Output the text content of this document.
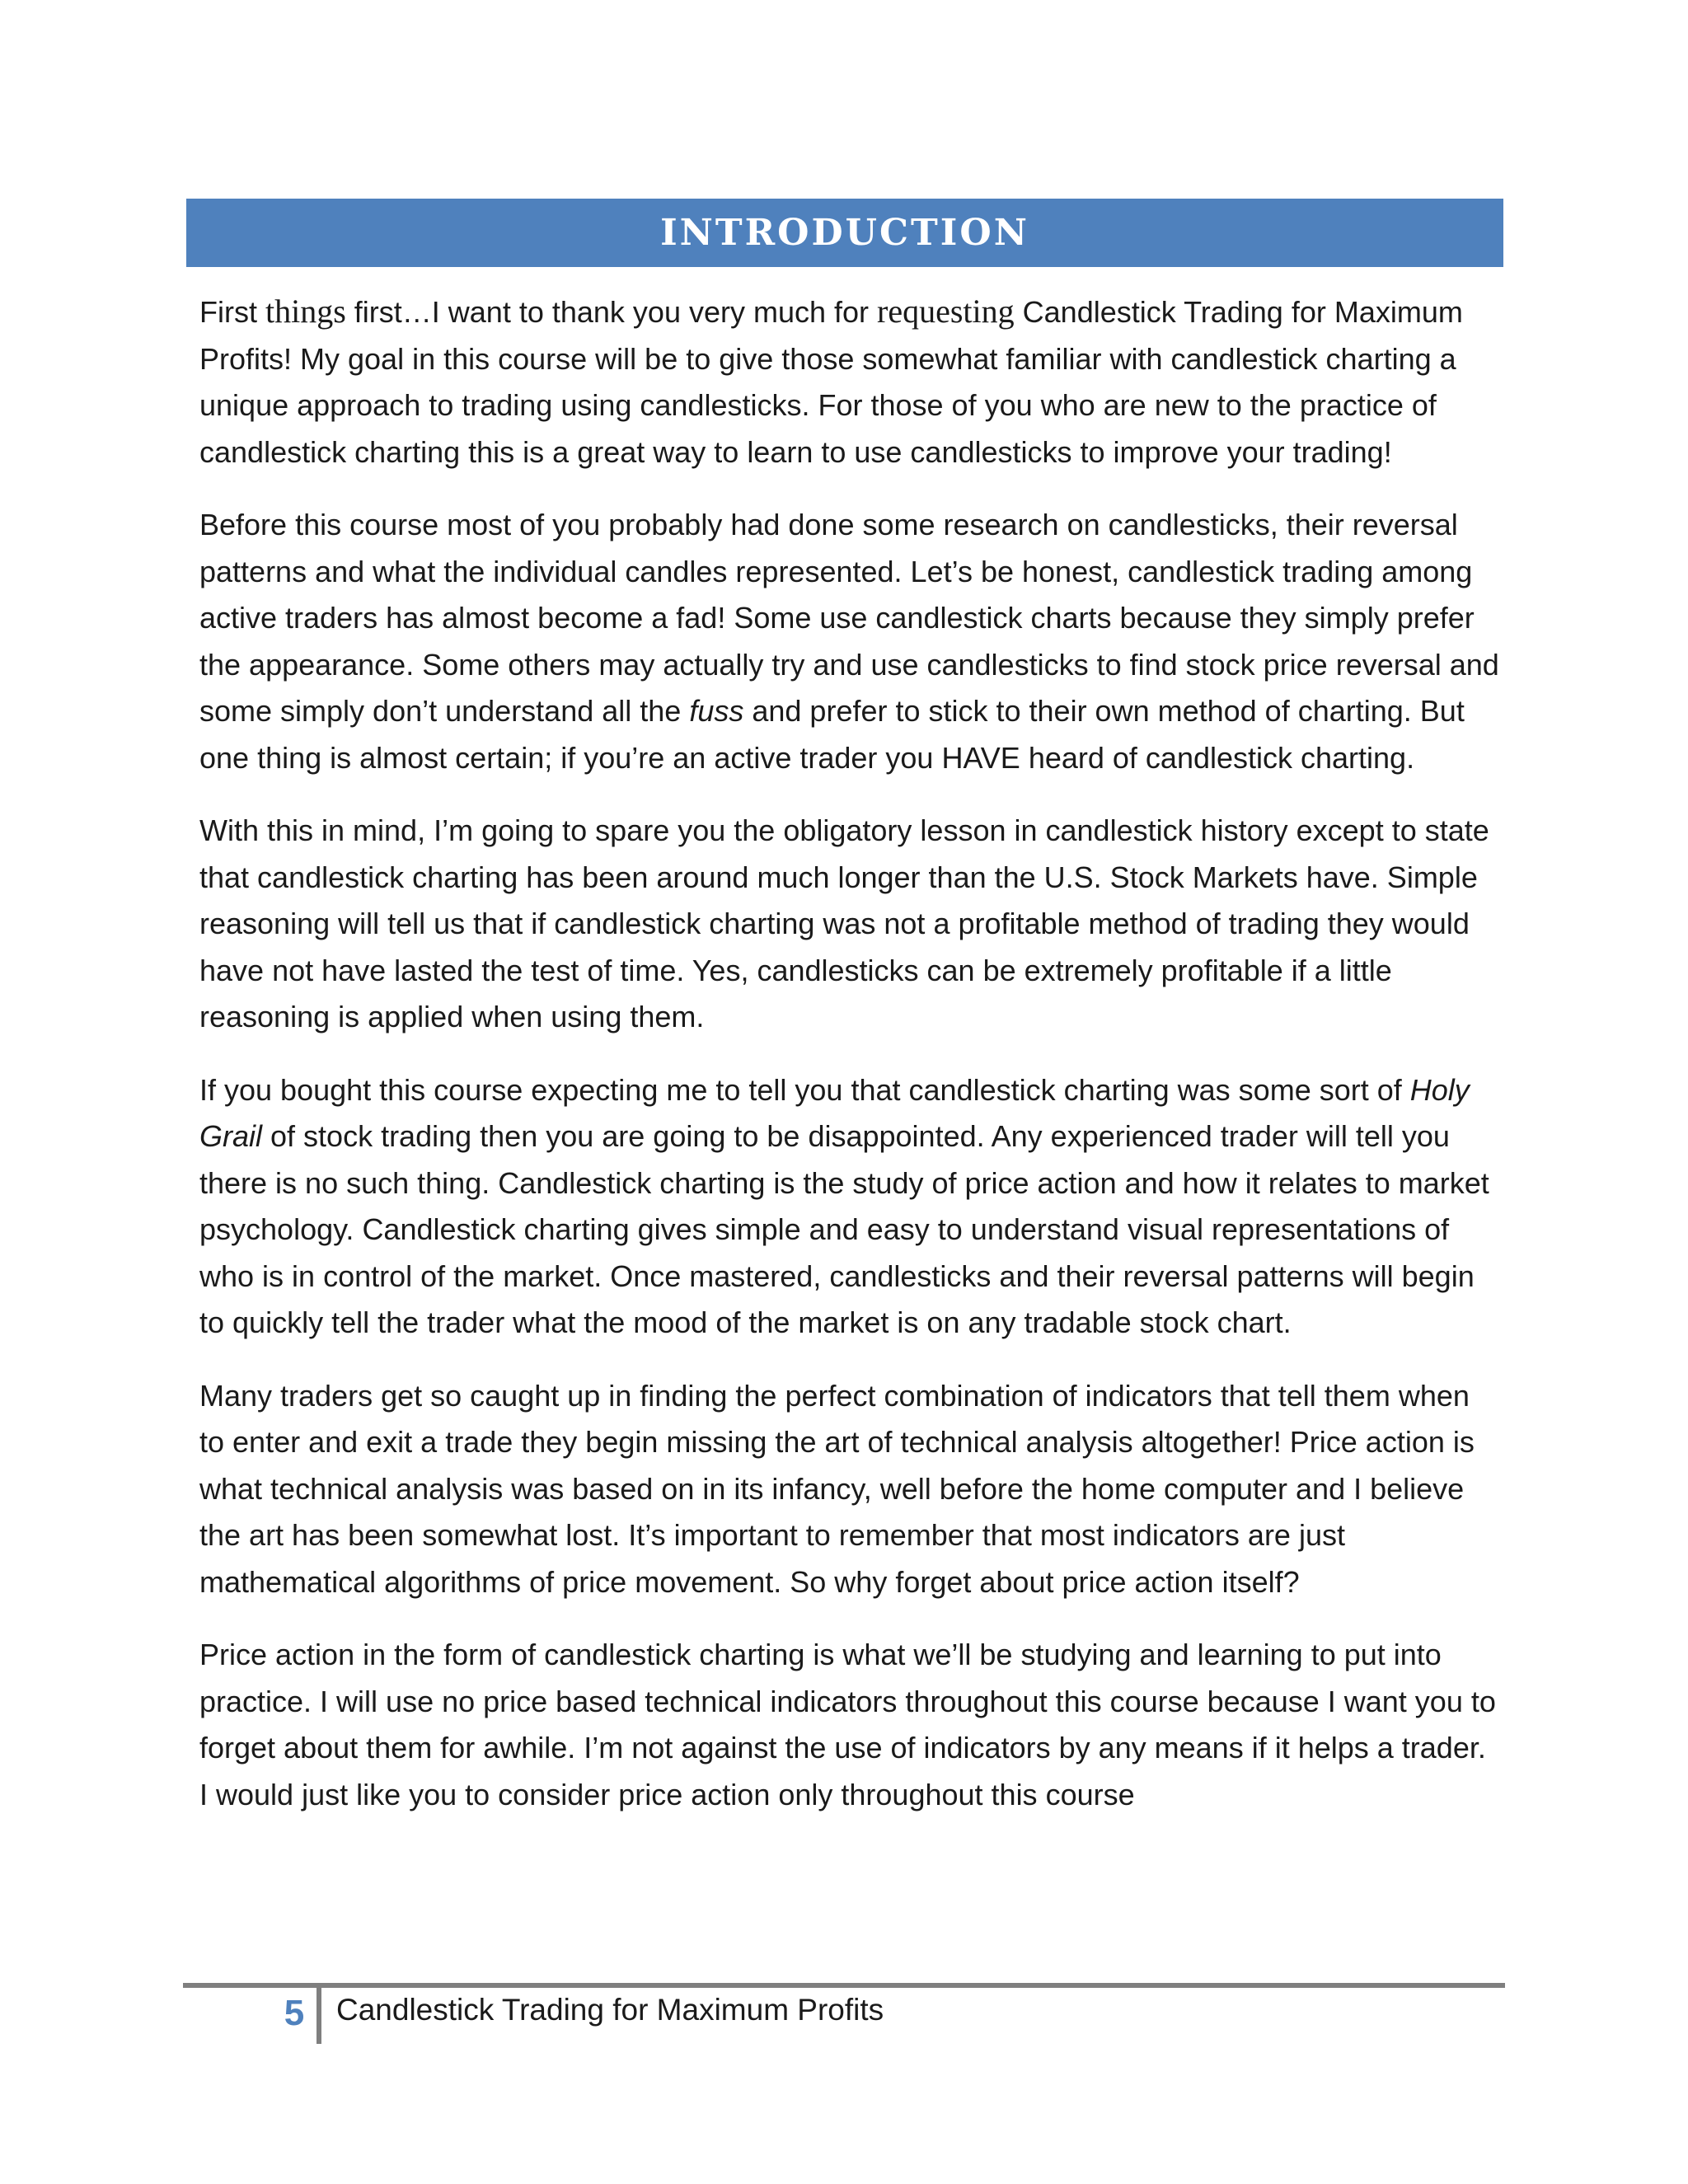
INTRODUCTION

First things first…I want to thank you very much for requesting Candlestick Trading for Maximum Profits! My goal in this course will be to give those somewhat familiar with candlestick charting a unique approach to trading using candlesticks. For those of you who are new to the practice of candlestick charting this is a great way to learn to use candlesticks to improve your trading!

Before this course most of you probably had done some research on candlesticks, their reversal patterns and what the individual candles represented. Let’s be honest, candlestick trading among active traders has almost become a fad! Some use candlestick charts because they simply prefer the appearance. Some others may actually try and use candlesticks to find stock price reversal and some simply don’t understand all the fuss and prefer to stick to their own method of charting. But one thing is almost certain; if you’re an active trader you HAVE heard of candlestick charting.

With this in mind, I’m going to spare you the obligatory lesson in candlestick history except to state that candlestick charting has been around much longer than the U.S. Stock Markets have. Simple reasoning will tell us that if candlestick charting was not a profitable method of trading they would have not have lasted the test of time. Yes, candlesticks can be extremely profitable if a little reasoning is applied when using them.

If you bought this course expecting me to tell you that candlestick charting was some sort of Holy Grail of stock trading then you are going to be disappointed. Any experienced trader will tell you there is no such thing. Candlestick charting is the study of price action and how it relates to market psychology. Candlestick charting gives simple and easy to understand visual representations of who is in control of the market. Once mastered, candlesticks and their reversal patterns will begin to quickly tell the trader what the mood of the market is on any tradable stock chart.

Many traders get so caught up in finding the perfect combination of indicators that tell them when to enter and exit a trade they begin missing the art of technical analysis altogether! Price action is what technical analysis was based on in its infancy, well before the home computer and I believe the art has been somewhat lost. It’s important to remember that most indicators are just mathematical algorithms of price movement. So why forget about price action itself?

Price action in the form of candlestick charting is what we’ll be studying and learning to put into practice. I will use no price based technical indicators throughout this course because I want you to forget about them for awhile. I’m not against the use of indicators by any means if it helps a trader. I would just like you to consider price action only throughout this course

5 Candlestick Trading for Maximum Profits
